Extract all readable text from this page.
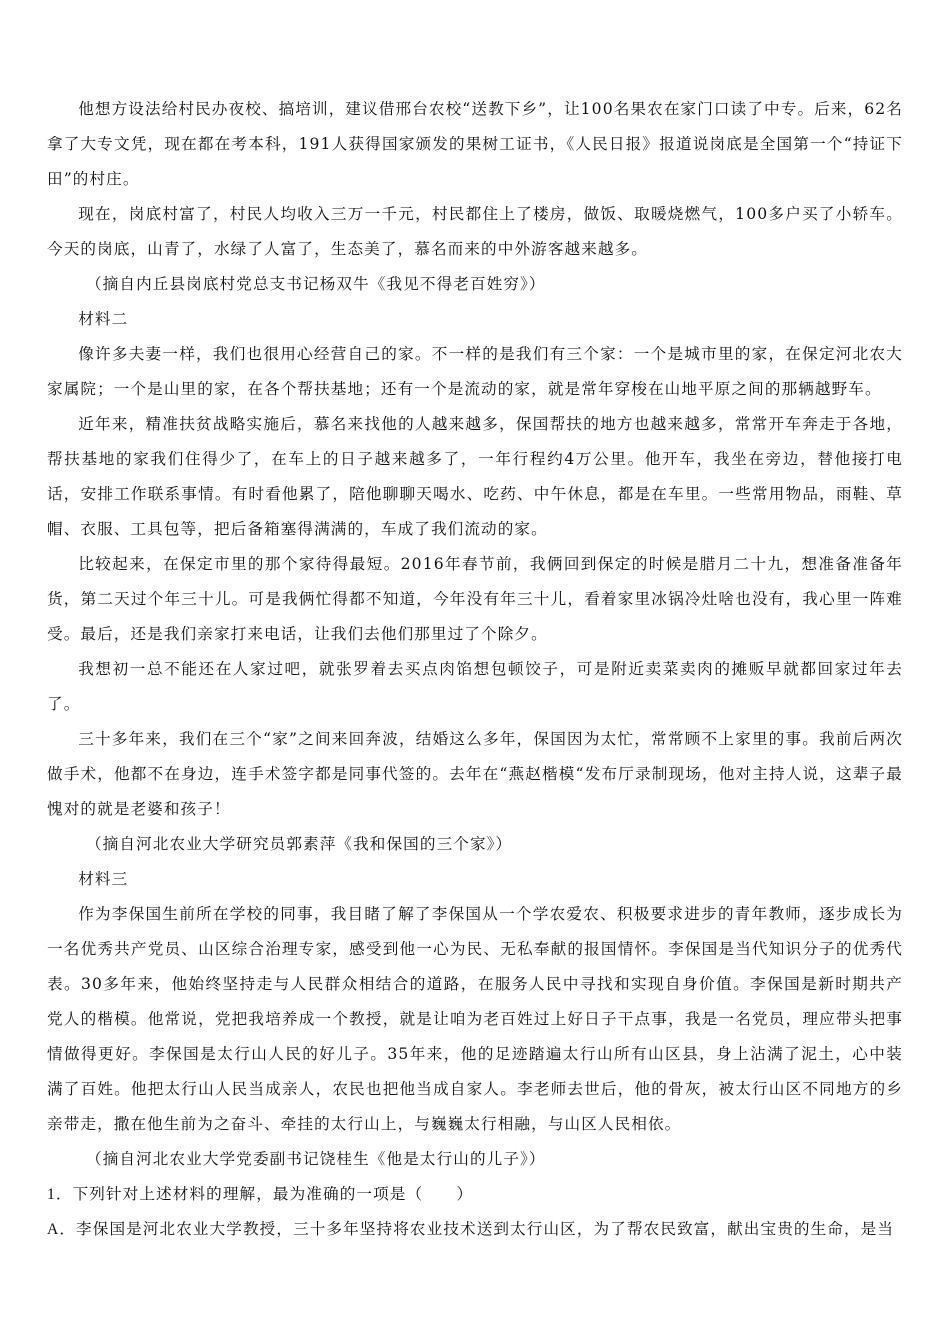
他想方设法给村民办夜校、搞培训，建议借邢台农校“送教下乡”，让100名果农在家门口读了中专。后来，62名拿了大专文凭，现在都在考本科，191人获得国家颁发的果树工证书，《人民日报》报道说岗底是全国第一个“持证下田”的村庄。

现在，岗底村富了，村民人均收入三万一千元，村民都住上了楼房，做饭、取暖烧燃气，100多户买了小轿车。今天的岗底，山青了，水绿了人富了，生态美了，慕名而来的中外游客越来越多。

（摘自内丘县岗底村党总支书记杨双牛《我见不得老百姓穷》）

材料二

像许多夫妻一样，我们也很用心经营自己的家。不一样的是我们有三个家：一个是城市里的家，在保定河北农大家属院；一个是山里的家，在各个帮扶基地；还有一个是流动的家，就是常年穿梭在山地平原之间的那辆越野车。

近年来，精准扶贫战略实施后，慕名来找他的人越来越多，保国帮扶的地方也越来越多，常常开车奔走于各地，帮扶基地的家我们住得少了，在车上的日子越来越多了，一年行程约4万公里。他开车，我坐在旁边，替他接打电话，安排工作联系事情。有时看他累了，陪他聊聊天喝水、吃药、中午休息，都是在车里。一些常用物品，雨鞋、草帽、衣服、工具包等，把后备箱塞得满满的，车成了我们流动的家。

比较起来，在保定市里的那个家待得最短。2016年春节前，我俩回到保定的时候是腊月二十九，想准备准备年货，第二天过个年三十儿。可是我俩忙得都不知道，今年没有年三十儿，看着家里冰锅冷灶啥也没有，我心里一阵难受。最后，还是我们亲家打来电话，让我们去他们那里过了个除夕。

我想初一总不能还在人家过吧，就张罗着去买点肉馅想包顿饺子，可是附近卖菜卖肉的摊贩早就都回家过年去了。

三十多年来，我们在三个“家”之间来回奔波，结婚这么多年，保国因为太忙，常常顾不上家里的事。我前后两次做手术，他都不在身边，连手术签字都是同事代签的。去年在“燕赵楷模“发布厅录制现场，他对主持人说，这辈子最愧对的就是老婆和孩子！

（摘自河北农业大学研究员郭素萍《我和保国的三个家》）

材料三

作为李保国生前所在学校的同事，我目睹了解了李保国从一个学农爱农、积极要求进步的青年教师，逐步成长为一名优秀共产党员、山区综合治理专家，感受到他一心为民、无私奉献的报国情怀。李保国是当代知识分子的优秀代表。30多年来，他始终坚持走与人民群众相结合的道路，在服务人民中寻找和实现自身价值。李保国是新时期共产党人的楷模。他常说，党把我培养成一个教授，就是让咱为老百姓过上好日子干点事，我是一名党员，理应带头把事情做得更好。李保国是太行山人民的好儿子。35年来，他的足迹踏遍太行山所有山区县，身上沾满了泥土，心中装满了百姓。他把太行山人民当成亲人，农民也把他当成自家人。李老师去世后，他的骨灰，被太行山区不同地方的乡亲带走，撒在他生前为之奋斗、牵挂的太行山上，与巍巍太行相融，与山区人民相依。

（摘自河北农业大学党委副书记饶桂生《他是太行山的儿子》）

1．下列针对上述材料的理解，最为准确的一项是（　　）

A．李保国是河北农业大学教授，三十多年坚持将农业技术送到太行山区，为了帮农民致富，献出宝贵的生命，是当
